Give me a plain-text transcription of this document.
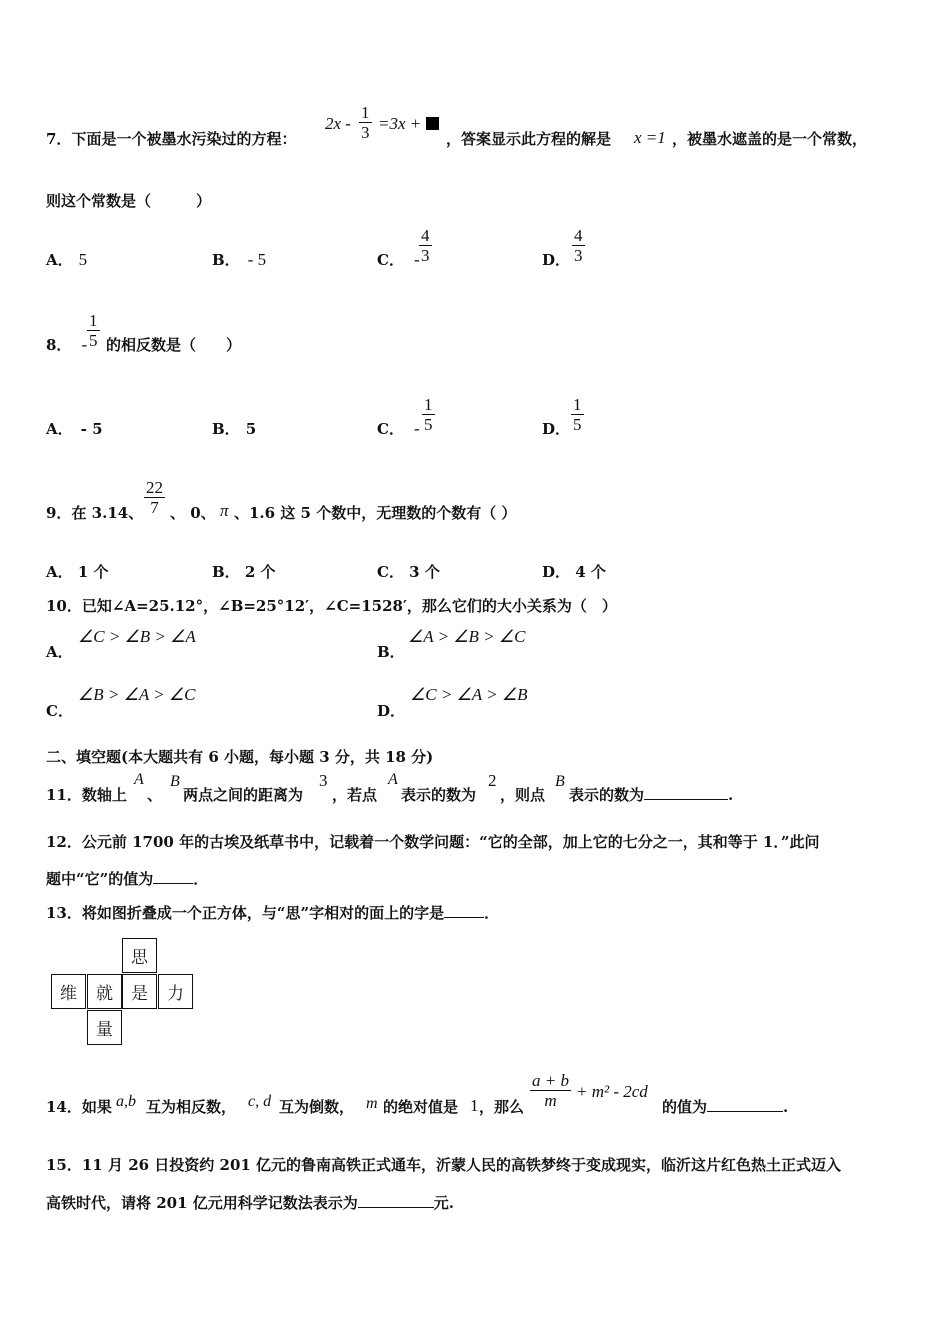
7．下面是一个被墨水污染过的方程：
2x -
1
3 =3x +
，答案显示此方程的解是 x =1 ，被墨水遮盖的是一个常数，
则这个常数是（　　　）
A． 5	B． - 5	C． -
4
3	D．
4
3
8． -
1
5 的相反数是（　　）
A． - 5	B． 5	C． -
1
5	D．
1
5
9．在 3.14、
22
7 、 0、 π 、1.6 这 5 个数中，无理数的个数有（ ）
A． 1 个	B． 2 个	C． 3 个	D． 4 个
10．已知∠A=25.12°，∠B=25°12′，∠C=1528′，那么它们的大小关系为（　）
A．
∠C > ∠B > ∠A
B．
∠A > ∠B > ∠C
C．
∠B > ∠A > ∠C
D．
∠C > ∠A > ∠B
二、填空题(本大题共有 6 小题，每小题 3 分，共 18 分)
11．数轴上
A
、
B
两点之间的距离为
3
，若点
A
表示的数为
2
，则点
B
表示的数为	.
12．公元前 1700 年的古埃及纸草书中，记载着一个数学问题：“它的全部，加上它的七分之一，其和等于 1．”此问
题中“它”的值为	．
13．将如图折叠成一个正方体，与“思”字相对的面上的字是	．
思
维	就	是	力
量
14．如果 a,b 互为相反数， c, d 互为倒数， m 的绝对值是 1 ，那么
a + b
m + m² - 2cd
的值为	.
15．11 月 26 日投资约 201 亿元的鲁南高铁正式通车，沂蒙人民的高铁梦终于变成现实，临沂这片红色热土正式迈入
高铁时代，请将 201 亿元用科学记数法表示为	元.
